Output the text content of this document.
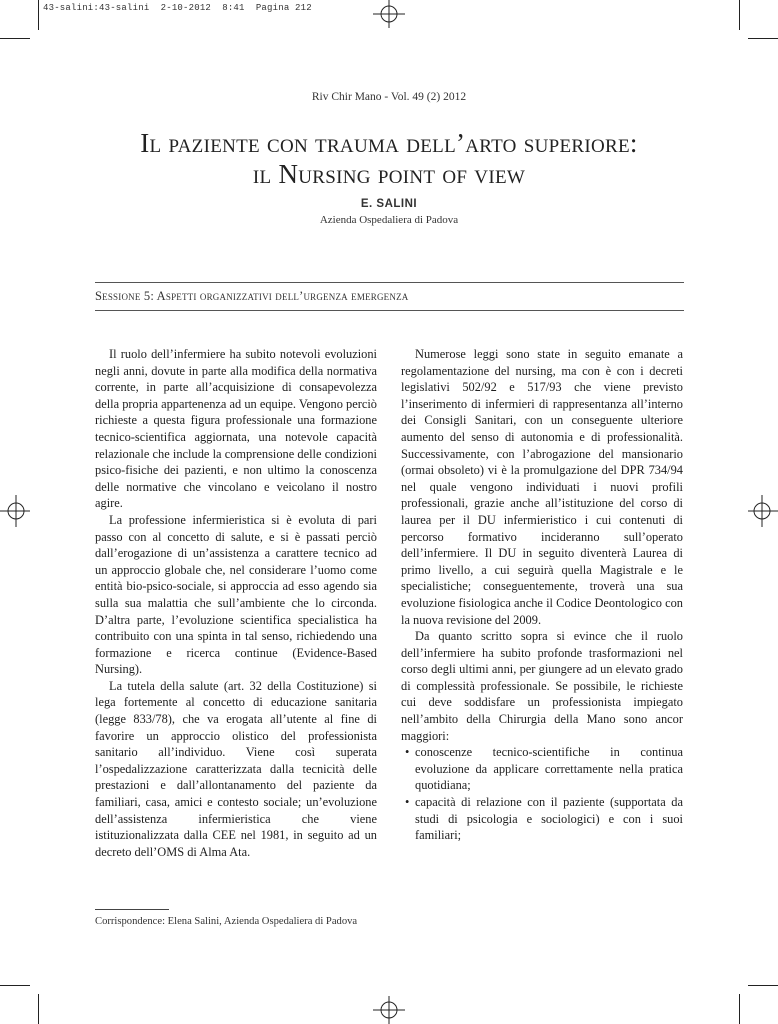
43-salini:43-salini  2-10-2012  8:41  Pagina 212
Riv Chir Mano - Vol. 49 (2) 2012
Il paziente con trauma dell’arto superiore:
il Nursing point of view
E. SALINI
Azienda Ospedaliera di Padova
Sessione 5: Aspetti organizzativi dell’urgenza emergenza

Il ruolo dell’infermiere ha subito notevoli evoluzioni negli anni, dovute in parte alla modifica della normativa corrente, in parte all’acquisizione di consapevolezza della propria appartenenza ad un equipe. Vengono perciò richieste a questa figura professionale una formazione tecnico-scientifica aggiornata, una notevole capacità relazionale che include la comprensione delle condizioni psico-fisiche dei pazienti, e non ultimo la conoscenza delle normative che vincolano e veicolano il nostro agire.

La professione infermieristica si è evoluta di pari passo con al concetto di salute, e si è passati perciò dall’erogazione di un’assistenza a carattere tecnico ad un approccio globale che, nel considerare l’uomo come entità bio-psico-sociale, si approccia ad esso agendo sia sulla sua malattia che sull’ambiente che lo circonda. D’altra parte, l’evoluzione scientifica specialistica ha contribuito con una spinta in tal senso, richiedendo una formazione e ricerca continue (Evidence-Based Nursing).

La tutela della salute (art. 32 della Costituzione) si lega fortemente al concetto di educazione sanitaria (legge 833/78), che va erogata all’utente al fine di favorire un approccio olistico del professionista sanitario all’individuo. Viene così superata l’ospedalizzazione caratterizzata dalla tecnicità delle prestazioni e dall’allontanamento del paziente da familiari, casa, amici e contesto sociale; un’evoluzione dell’assistenza infermieristica che viene istituzionalizzata dalla CEE nel 1981, in seguito ad un decreto dell’OMS di Alma Ata.

Numerose leggi sono state in seguito emanate a regolamentazione del nursing, ma con è con i decreti legislativi 502/92 e 517/93 che viene previsto l’inserimento di infermieri di rappresentanza all’interno dei Consigli Sanitari, con un conseguente ulteriore aumento del senso di autonomia e di professionalità. Successivamente, con l’abrogazione del mansionario (ormai obsoleto) vi è la promulgazione del DPR 734/94 nel quale vengono individuati i nuovi profili professionali, grazie anche all’istituzione del corso di laurea per il DU infermieristico i cui contenuti di percorso formativo incideranno sull’operato dell’infermiere. Il DU in seguito diventerà Laurea di primo livello, a cui seguirà quella Magistrale e le specialistiche; conseguentemente, troverà una sua evoluzione fisiologica anche il Codice Deontologico con la nuova revisione del 2009.

Da quanto scritto sopra si evince che il ruolo dell’infermiere ha subito profonde trasformazioni nel corso degli ultimi anni, per giungere ad un elevato grado di complessità professionale. Se possibile, le richieste cui deve soddisfare un professionista impiegato nell’ambito della Chirurgia della Mano sono ancor maggiori:

• conoscenze tecnico-scientifiche in continua evoluzione da applicare correttamente nella pratica quotidiana;
• capacità di relazione con il paziente (supportata da studi di psicologia e sociologici) e con i suoi familiari;
Corrispondence: Elena Salini, Azienda Ospedaliera di Padova
